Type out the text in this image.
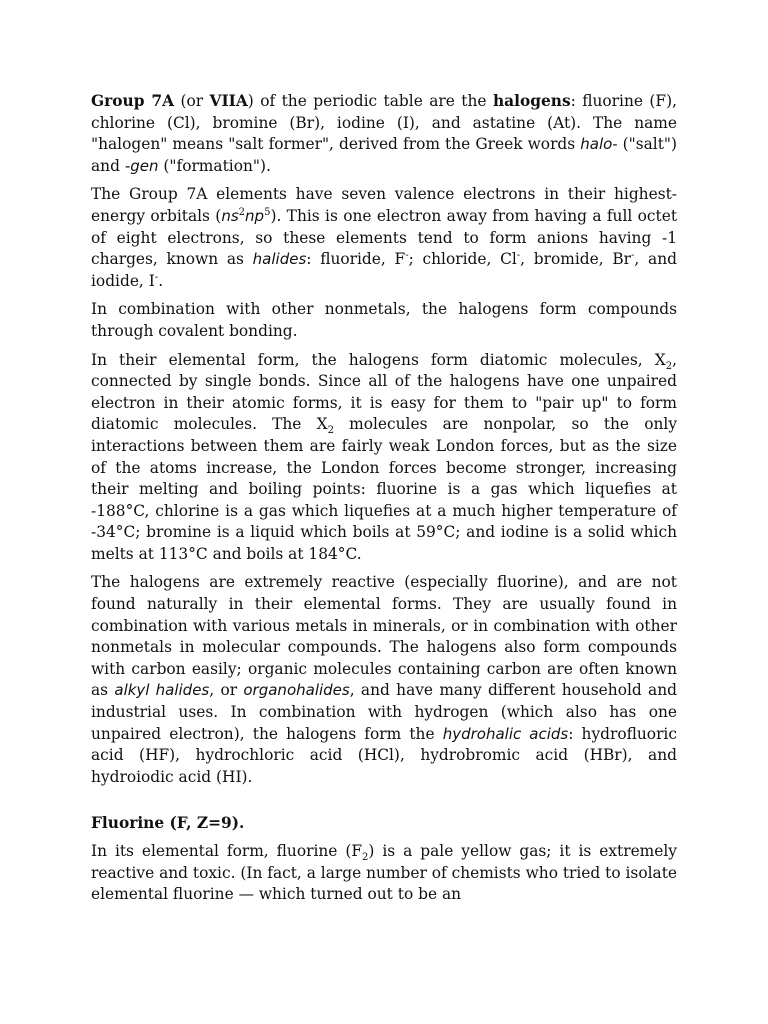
Group 7A (or VIIA) of the periodic table are the halogens: fluorine (F), chlorine (Cl), bromine (Br), iodine (I), and astatine (At). The name "halogen" means "salt former", derived from the Greek words halo- ("salt") and -gen ("formation").

The Group 7A elements have seven valence electrons in their highest-energy orbitals $(ns^2np^5)$. This is one electron away from having a full octet of eight electrons, so these elements tend to form anions having -1 charges, known as halides: fluoride, F-; chloride, Cl-, bromide, Br-, and iodide, I-.

In combination with other nonmetals, the halogens form compounds through covalent bonding.

In their elemental form, the halogens form diatomic molecules, $X_2$, connected by single bonds. Since all of the halogens have one unpaired electron in their atomic forms, it is easy for them to "pair up" to form diatomic molecules. The $X_2$ molecules are nonpolar, so the only interactions between them are fairly weak London forces, but as the size of the atoms increase, the London forces become stronger, increasing their melting and boiling points: fluorine is a gas which liquefies at -188°C, chlorine is a gas which liquefies at a much higher temperature of -34°C; bromine is a liquid which boils at 59°C; and iodine is a solid which melts at 113°C and boils at 184°C.

The halogens are extremely reactive (especially fluorine), and are not found naturally in their elemental forms. They are usually found in combination with various metals in minerals, or in combination with other nonmetals in molecular compounds. The halogens also form compounds with carbon easily; organic molecules containing carbon are often known as alkyl halides, or organohalides, and have many different household and industrial uses. In combination with hydrogen (which also has one unpaired electron), the halogens form the hydrohalic acids: hydrofluoric acid (HF), hydrochloric acid (HCl), hydrobromic acid (HBr), and hydroiodic acid (HI).

Fluorine (F, Z=9).

In its elemental form, fluorine $(F_2)$ is a pale yellow gas; it is extremely reactive and toxic. (In fact, a large number of chemists who tried to isolate elemental fluorine — which turned out to be an
